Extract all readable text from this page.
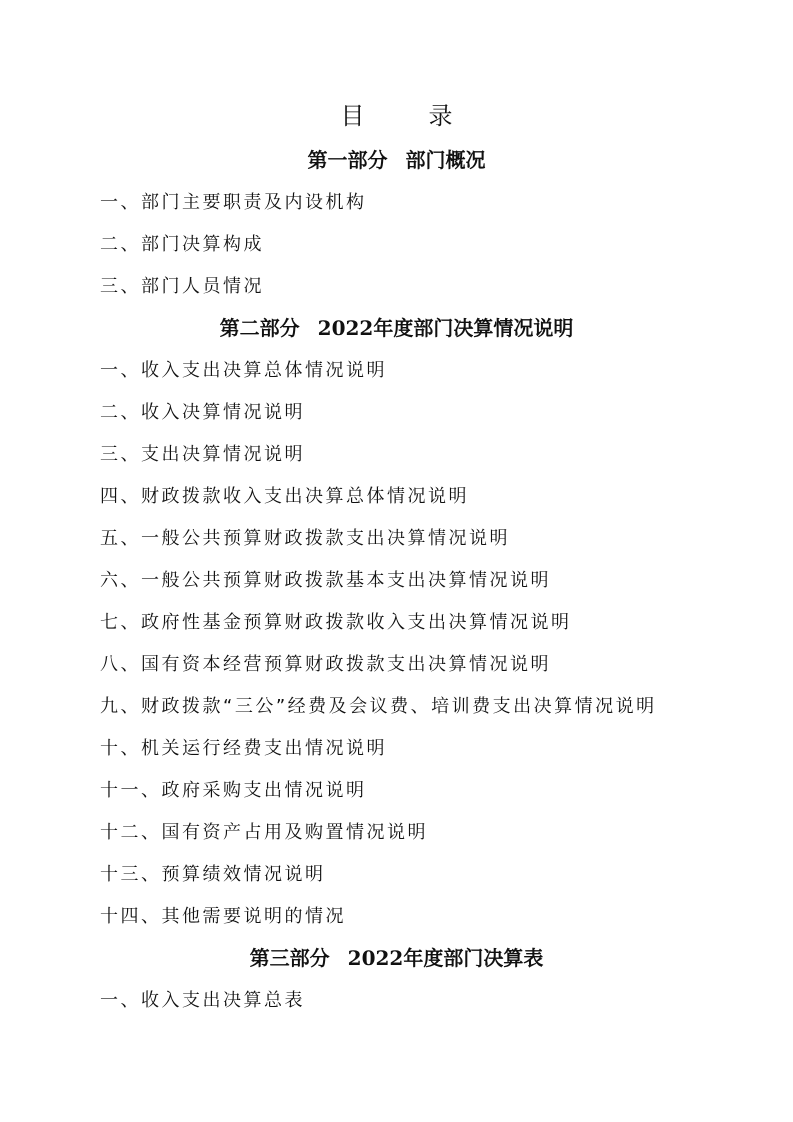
目　录
第一部分 部门概况

一、部门主要职责及内设机构

二、部门决算构成

三、部门人员情况

第二部分 2022年度部门决算情况说明

一、收入支出决算总体情况说明

二、收入决算情况说明

三、支出决算情况说明

四、财政拨款收入支出决算总体情况说明

五、一般公共预算财政拨款支出决算情况说明

六、一般公共预算财政拨款基本支出决算情况说明

七、政府性基金预算财政拨款收入支出决算情况说明

八、国有资本经营预算财政拨款支出决算情况说明

九、财政拨款“三公”经费及会议费、培训费支出决算情况说明

十、机关运行经费支出情况说明

十一、政府采购支出情况说明

十二、国有资产占用及购置情况说明

十三、预算绩效情况说明

十四、其他需要说明的情况

第三部分 2022年度部门决算表

一、收入支出决算总表
